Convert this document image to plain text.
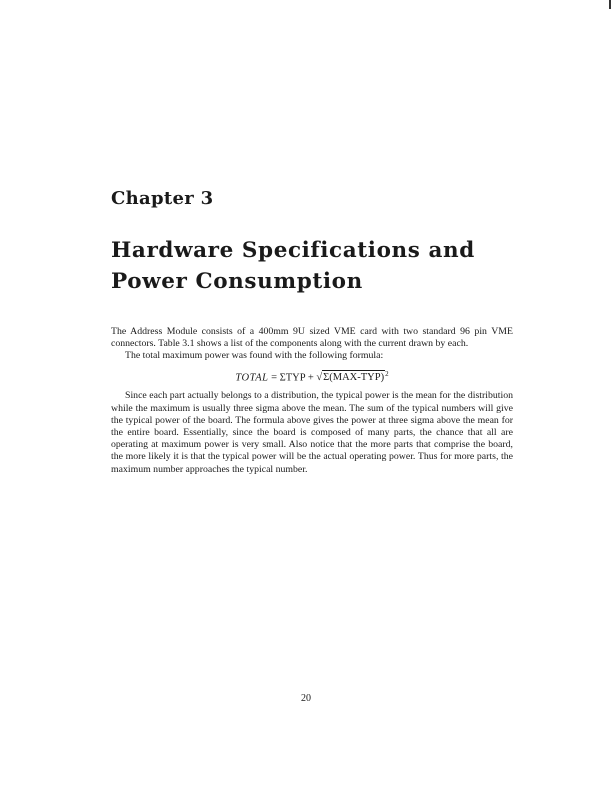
Chapter 3
Hardware Specifications and
Power Consumption

The Address Module consists of a 400mm 9U sized VME card with two standard 96 pin VME connectors. Table 3.1 shows a list of the components along with the current drawn by each.

The total maximum power was found with the following formula:

TOTAL = $\Sigma TYP + √\Sigma(MAX-TYP)^2$

Since each part actually belongs to a distribution, the typical power is the mean for the distribution while the maximum is usually three sigma above the mean. The sum of the typical numbers will give the typical power of the board. The formula above gives the power at three sigma above the mean for the entire board. Essentially, since the board is composed of many parts, the chance that all are operating at maximum power is very small. Also notice that the more parts that comprise the board, the more likely it is that the typical power will be the actual operating power. Thus for more parts, the maximum number approaches the typical number.

20
